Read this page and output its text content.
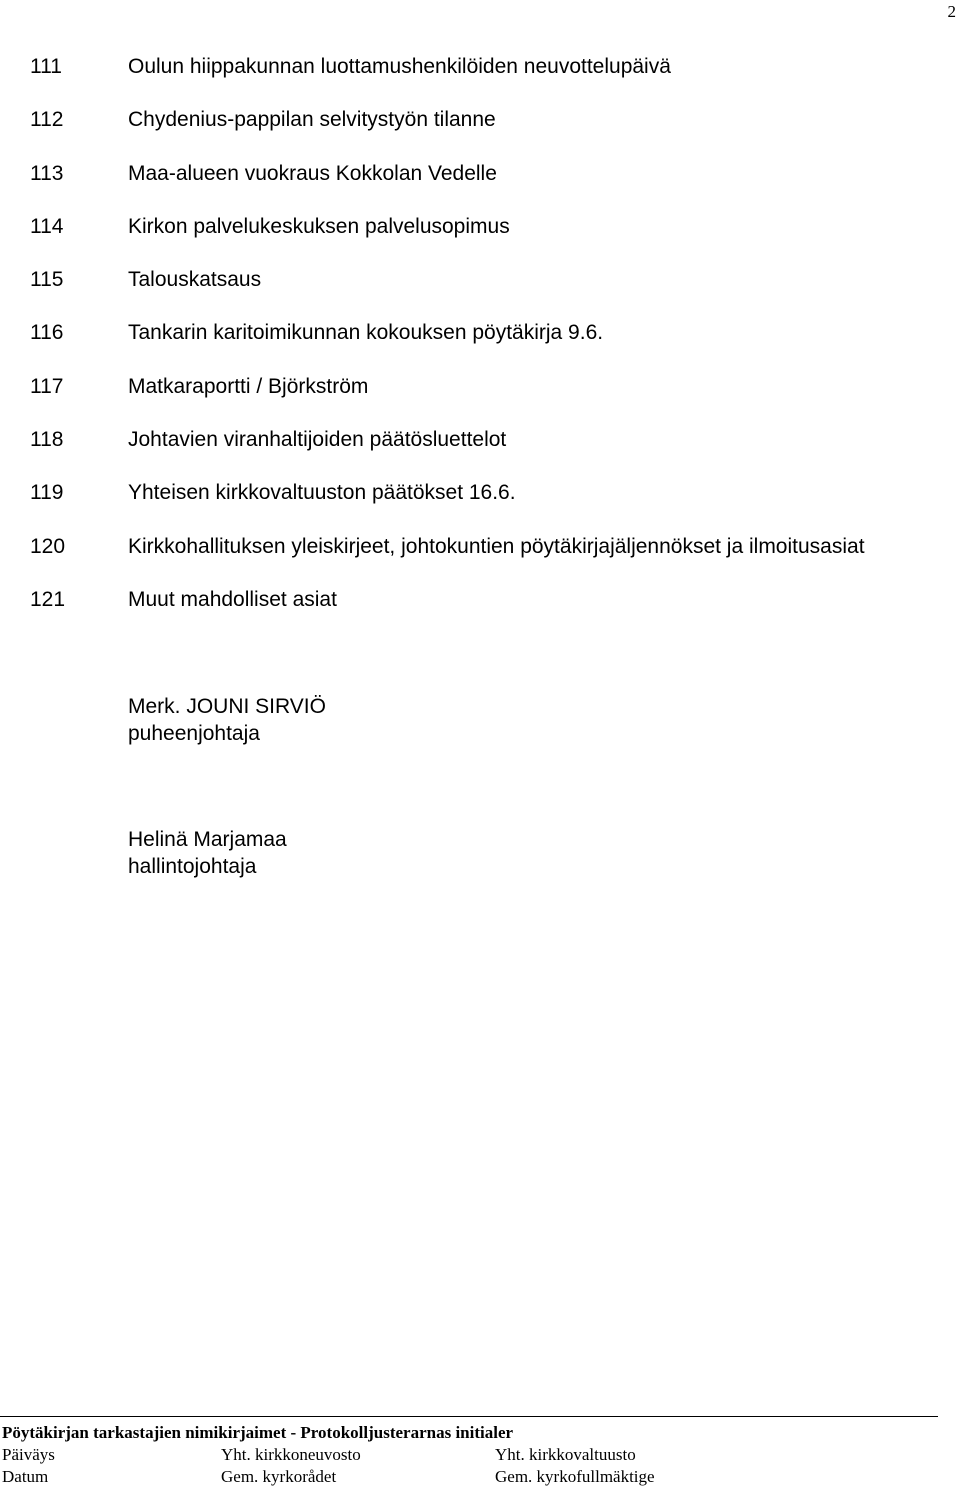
2
111	Oulun hiippakunnan luottamushenkilöiden neuvottelupäivä
112	Chydenius-pappilan selvitystyön tilanne
113	Maa-alueen vuokraus Kokkolan Vedelle
114	Kirkon palvelukeskuksen palvelusopimus
115	Talouskatsaus
116	Tankarin karitoimikunnan kokouksen pöytäkirja 9.6.
117	Matkaraportti / Björkström
118	Johtavien viranhaltijoiden päätösluettelot
119	Yhteisen kirkkovaltuuston päätökset 16.6.
120	Kirkkohallituksen yleiskirjeet, johtokuntien pöytäkirjajäljennökset ja ilmoitusasiat
121	Muut mahdolliset asiat
Merk. JOUNI SIRVIÖ
puheenjohtaja
Helinä Marjamaa
hallintojohtaja
Pöytäkirjan tarkastajien nimikirjaimet - Protokolljusterarnas initialer
Päiväys	Yht. kirkkoneuvosto	Yht. kirkkovaltuusto
Datum	Gem. kyrkorådet	Gem. kyrkofullmäktige
